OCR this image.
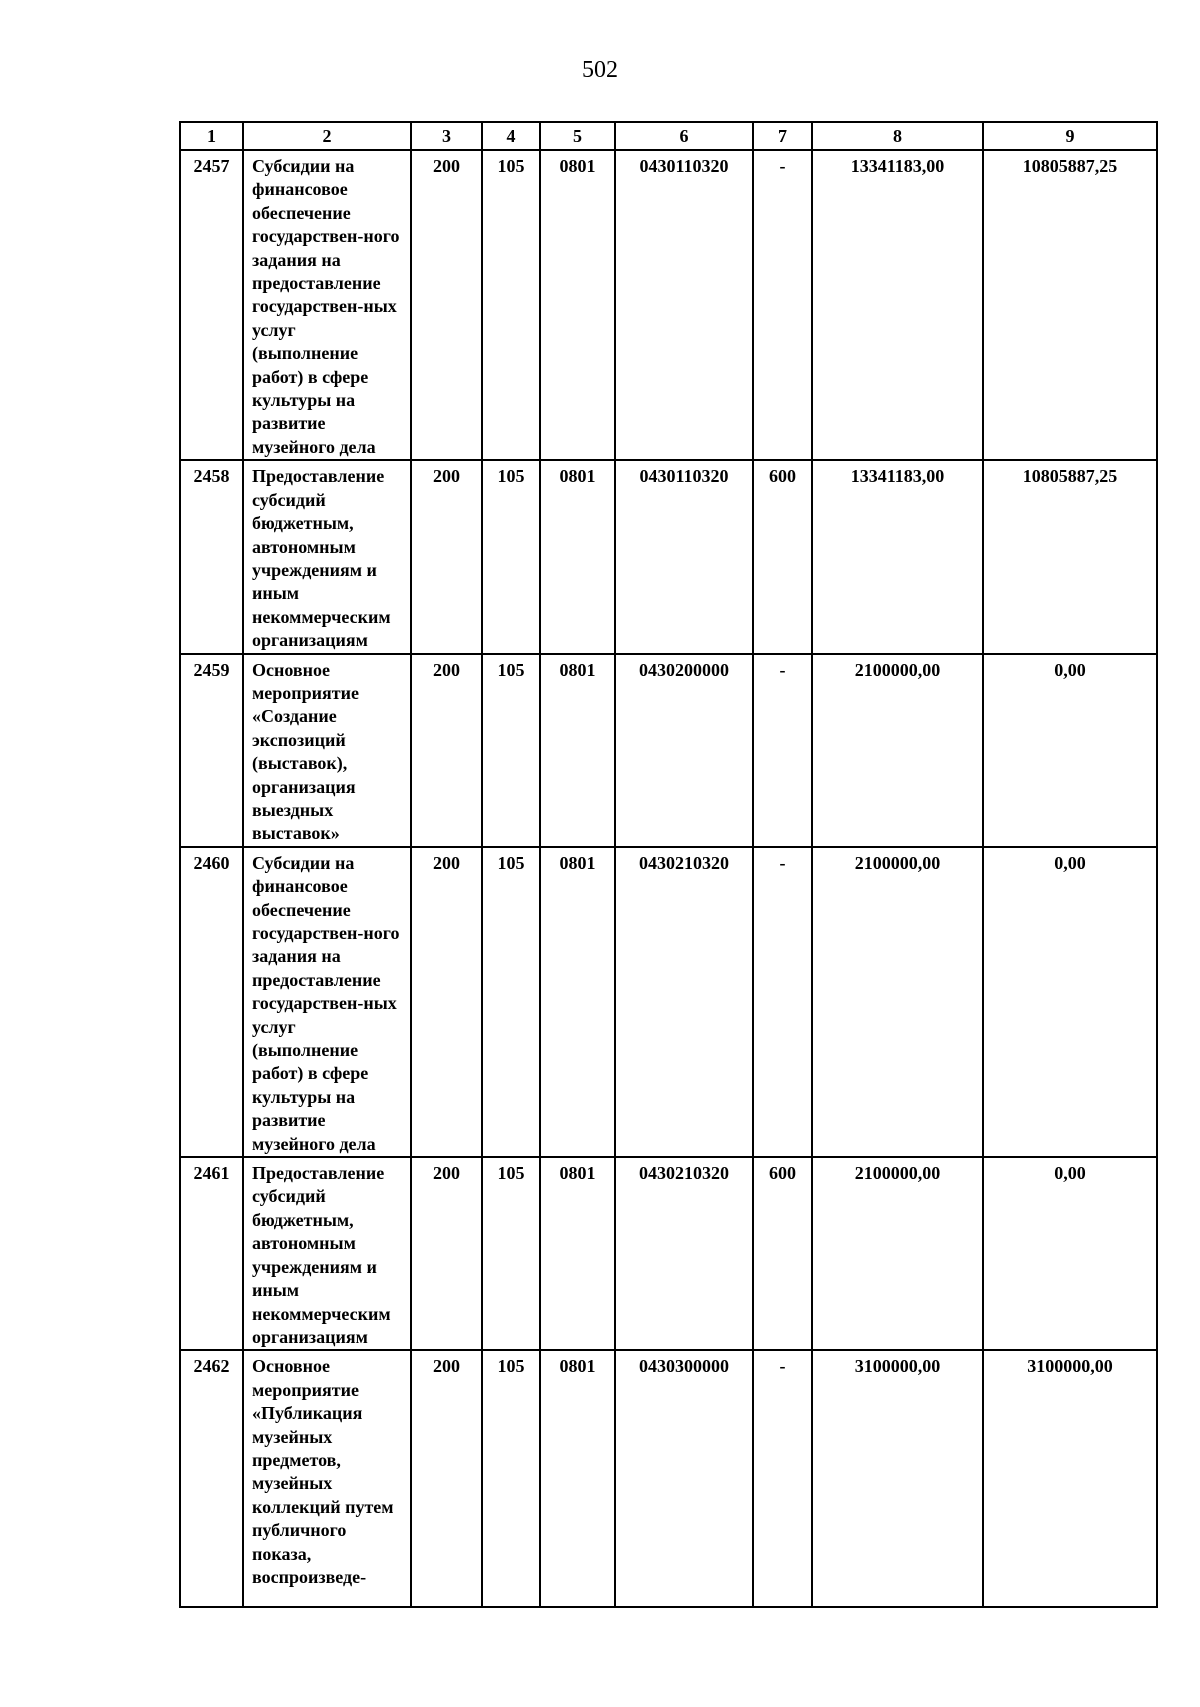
502
1	2	3	4	5	6	7	8	9
2457	Субсидии на финансовое обеспечение государствен-ного задания на предоставление государствен-ных услуг (выполнение работ) в сфере культуры на развитие музейного дела	200	105	0801	0430110320	-	13341183,00	10805887,25
2458	Предоставление субсидий бюджетным, автономным учреждениям и иным некоммерческим организациям	200	105	0801	0430110320	600	13341183,00	10805887,25
2459	Основное мероприятие «Создание экспозиций (выставок), организация выездных выставок»	200	105	0801	0430200000	-	2100000,00	0,00
2460	Субсидии на финансовое обеспечение государствен-ного задания на предоставление государствен-ных услуг (выполнение работ) в сфере культуры на развитие музейного дела	200	105	0801	0430210320	-	2100000,00	0,00
2461	Предоставление субсидий бюджетным, автономным учреждениям и иным некоммерческим организациям	200	105	0801	0430210320	600	2100000,00	0,00
2462	Основное мероприятие «Публикация музейных предметов, музейных коллекций путем публичного показа, воспроизведе-	200	105	0801	0430300000	-	3100000,00	3100000,00
